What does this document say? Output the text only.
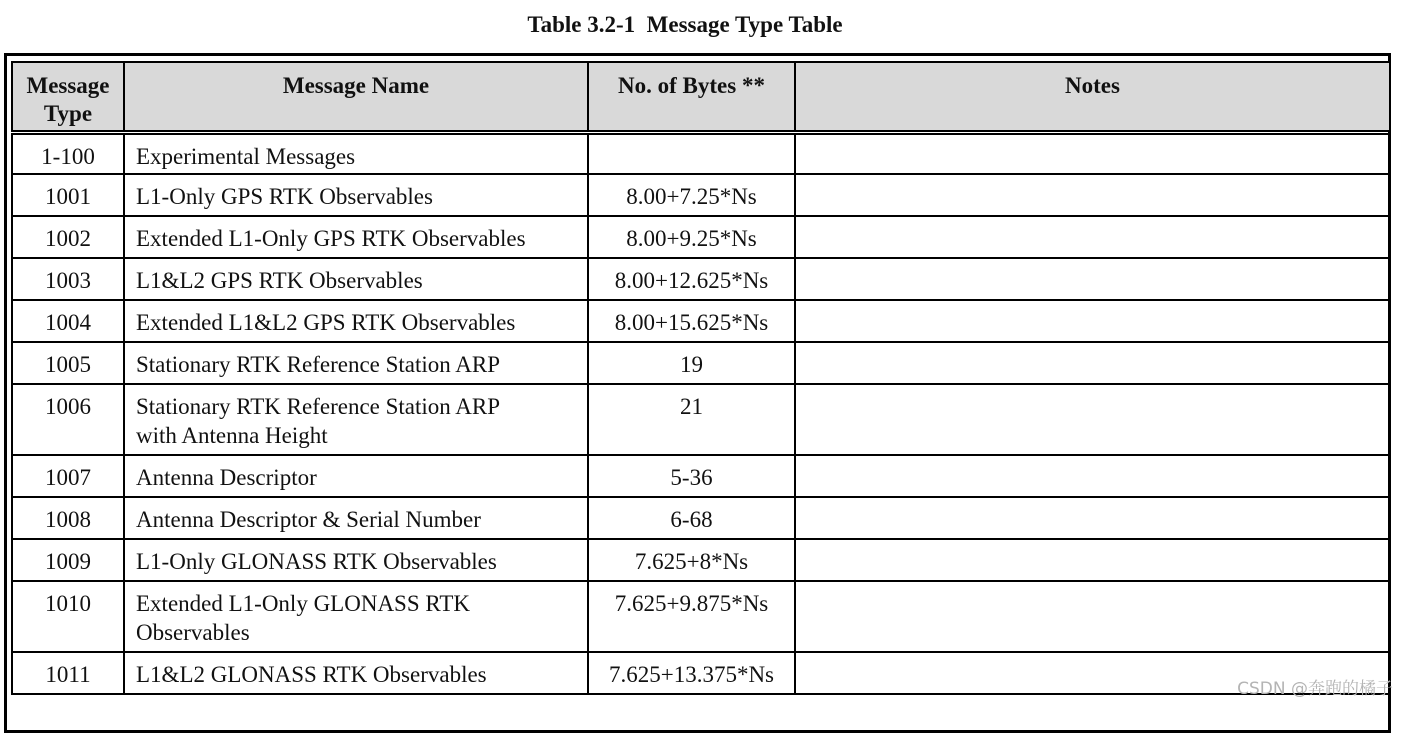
Table 3.2-1  Message Type Table
Message
Type	Message Name	No. of Bytes **	Notes
1-100	Experimental Messages		
1001	L1-Only GPS RTK Observables	8.00+7.25*Ns	
1002	Extended L1-Only GPS RTK Observables	8.00+9.25*Ns	
1003	L1&L2 GPS RTK Observables	8.00+12.625*Ns	
1004	Extended L1&L2 GPS RTK Observables	8.00+15.625*Ns	
1005	Stationary RTK Reference Station ARP	19	
1006	Stationary RTK Reference Station ARP
with Antenna Height	21	
1007	Antenna Descriptor	5-36	
1008	Antenna Descriptor & Serial Number	6-68	
1009	L1-Only GLONASS RTK Observables	7.625+8*Ns	
1010	Extended L1-Only GLONASS RTK
Observables	7.625+9.875*Ns	
1011	L1&L2 GLONASS RTK Observables	7.625+13.375*Ns	
CSDN @奔跑的橘子
